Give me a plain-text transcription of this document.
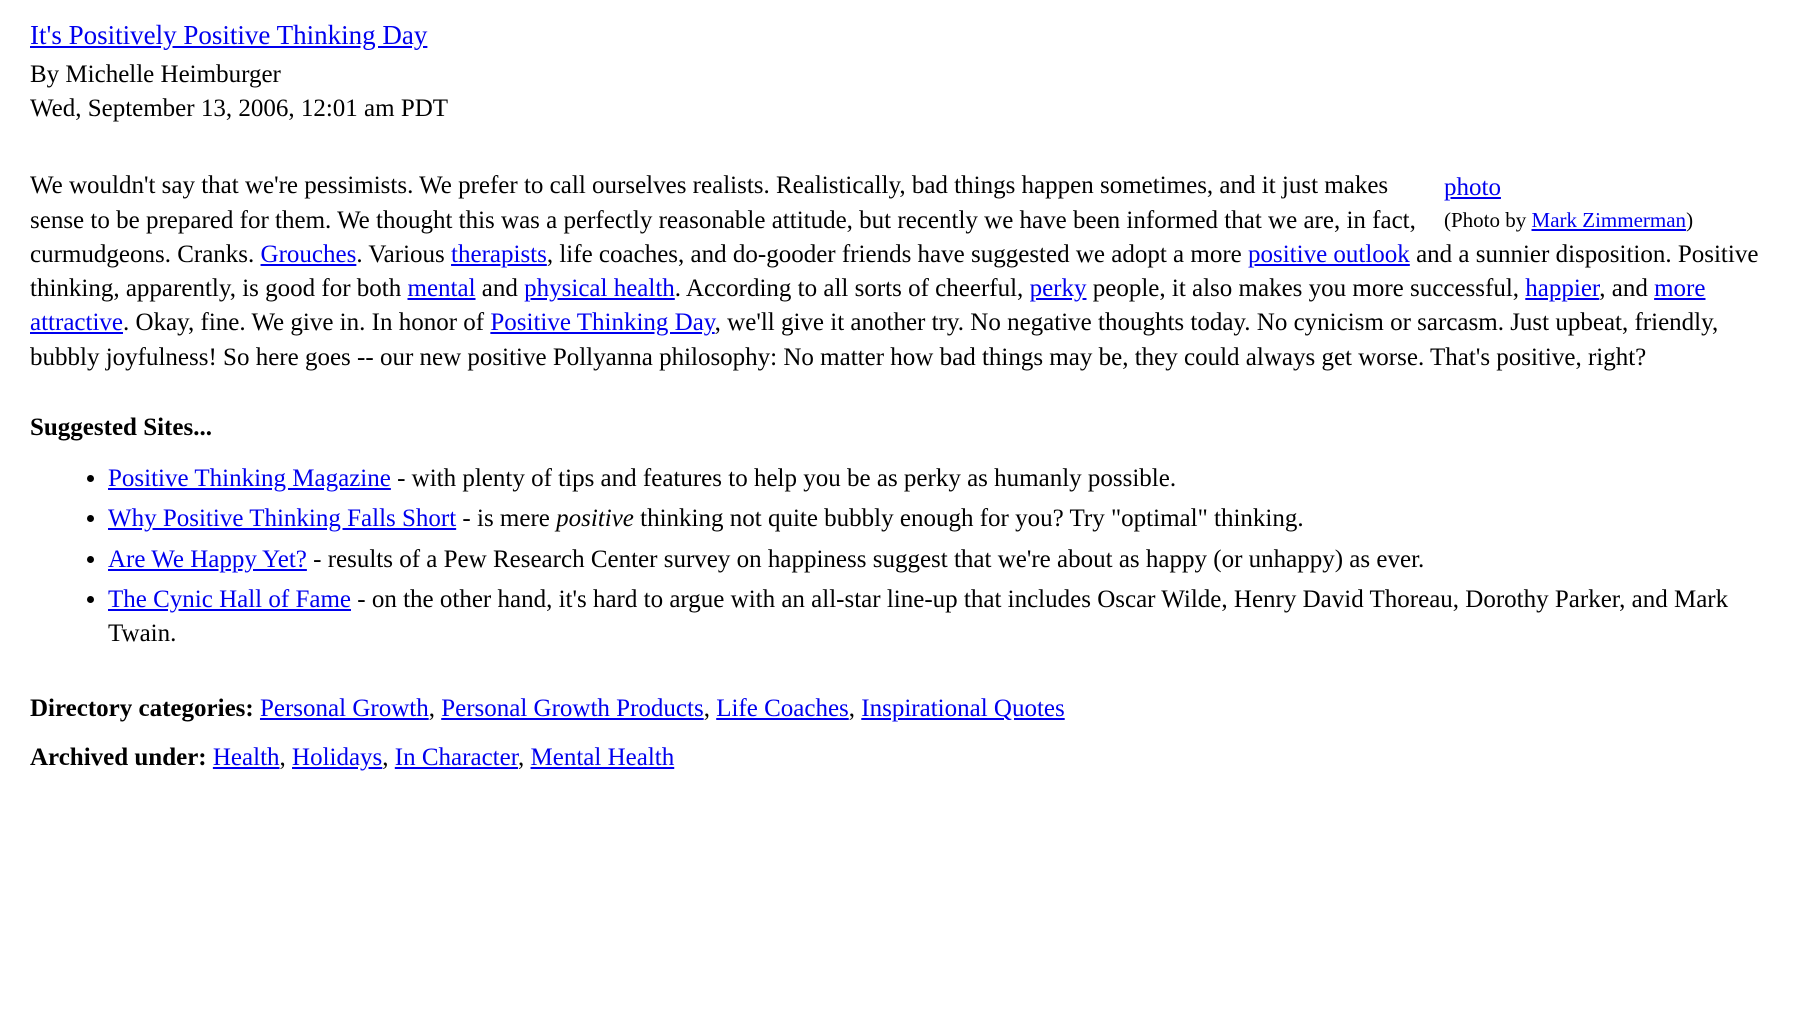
It's Positively Positive Thinking Day

By Michelle Heimburger

Wed, September 13, 2006, 12:01 am PDT

photo
(Photo by Mark Zimmerman)

We wouldn't say that we're pessimists. We prefer to call ourselves realists. Realistically, bad things happen sometimes, and it just makes sense to be prepared for them. We thought this was a perfectly reasonable attitude, but recently we have been informed that we are, in fact, curmudgeons. Cranks. Grouches. Various therapists, life coaches, and do-gooder friends have suggested we adopt a more positive outlook and a sunnier disposition. Positive thinking, apparently, is good for both mental and physical health. According to all sorts of cheerful, perky people, it also makes you more successful, happier, and more attractive. Okay, fine. We give in. In honor of Positive Thinking Day, we'll give it another try. No negative thoughts today. No cynicism or sarcasm. Just upbeat, friendly, bubbly joyfulness! So here goes -- our new positive Pollyanna philosophy: No matter how bad things may be, they could always get worse. That's positive, right?

Suggested Sites...

• Positive Thinking Magazine - with plenty of tips and features to help you be as perky as humanly possible.
• Why Positive Thinking Falls Short - is mere positive thinking not quite bubbly enough for you? Try "optimal" thinking.
• Are We Happy Yet? - results of a Pew Research Center survey on happiness suggest that we're about as happy (or unhappy) as ever.
• The Cynic Hall of Fame - on the other hand, it's hard to argue with an all-star line-up that includes Oscar Wilde, Henry David Thoreau, Dorothy Parker, and Mark Twain.

Directory categories: Personal Growth, Personal Growth Products, Life Coaches, Inspirational Quotes

Archived under: Health, Holidays, In Character, Mental Health
